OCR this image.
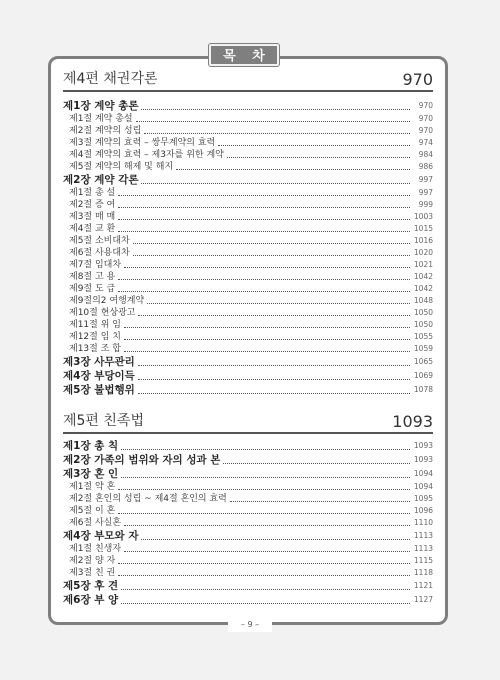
목 차
제4편 채권각론	970
제1장 계약 총론	970
제1절 계약 총설	970
제2절 계약의 성립	970
제3절 계약의 효력 – 쌍무계약의 효력	974
제4절 계약의 효력 – 제3자를 위한 계약	984
제5절 계약의 해제 및 해지	986
제2장 계약 각론	997
제1절 총 설	997
제2절 증 여	999
제3절 매 매	1003
제4절 교 환	1015
제5절 소비대차	1016
제6절 사용대차	1020
제7절 임대차	1021
제8절 고 용	1042
제9절 도 급	1042
제9절의2 여행계약	1048
제10절 현상광고	1050
제11절 위 임	1050
제12절 임 치	1055
제13절 조 합	1059
제3장 사무관리	1065
제4장 부당이득	1069
제5장 불법행위	1078
제5편 친족법	1093
제1장 총 칙	1093
제2장 가족의 범위와 자의 성과 본	1093
제3장 혼 인	1094
제1절 약 혼	1094
제2절 혼인의 성립 ~ 제4절 혼인의 효력	1095
제5절 이 혼	1096
제6절 사실혼	1110
제4장 부모와 자	1113
제1절 친생자	1113
제2절 양 자	1115
제3절 친 권	1118
제5장 후 견	1121
제6장 부 양	1127
– 9 –
